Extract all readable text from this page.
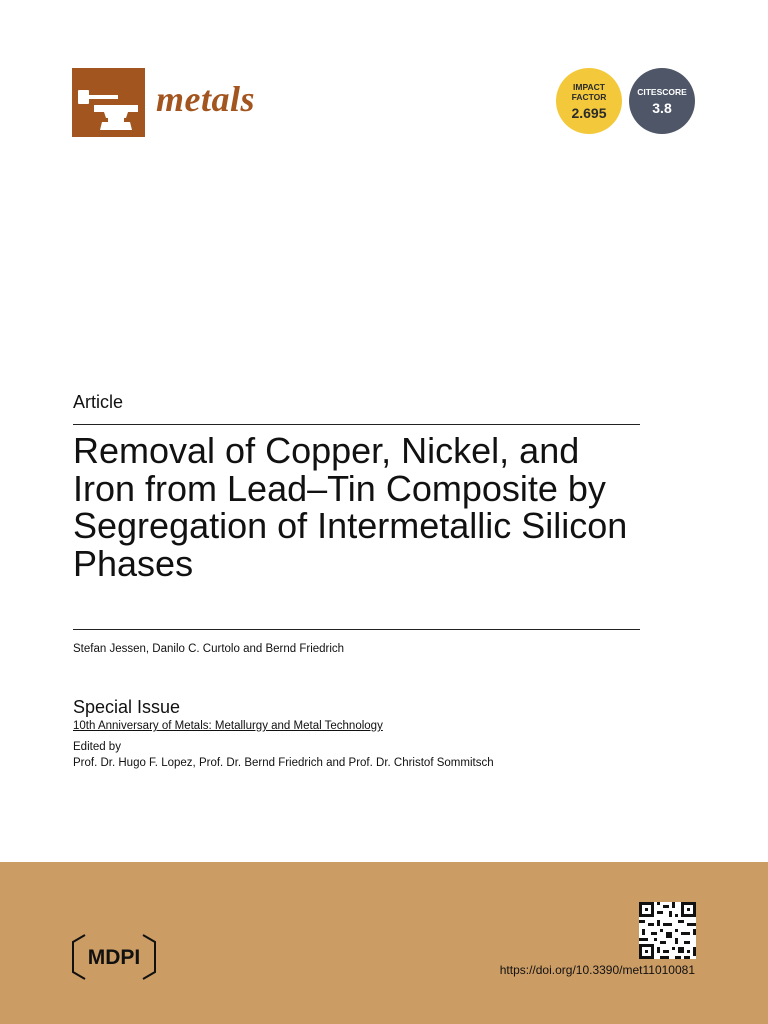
metals	IMPACT
FACTOR
2.695
CITESCORE
3.8
Article
Removal of Copper, Nickel, and Iron from Lead–Tin Composite by Segregation of Intermetallic Silicon Phases
Stefan Jessen, Danilo C. Curtolo and Bernd Friedrich
Special Issue
10th Anniversary of Metals: Metallurgy and Metal Technology
Edited by
Prof. Dr. Hugo F. Lopez, Prof. Dr. Bernd Friedrich and Prof. Dr. Christof Sommitsch
MDPI
https://doi.org/10.3390/met11010081
